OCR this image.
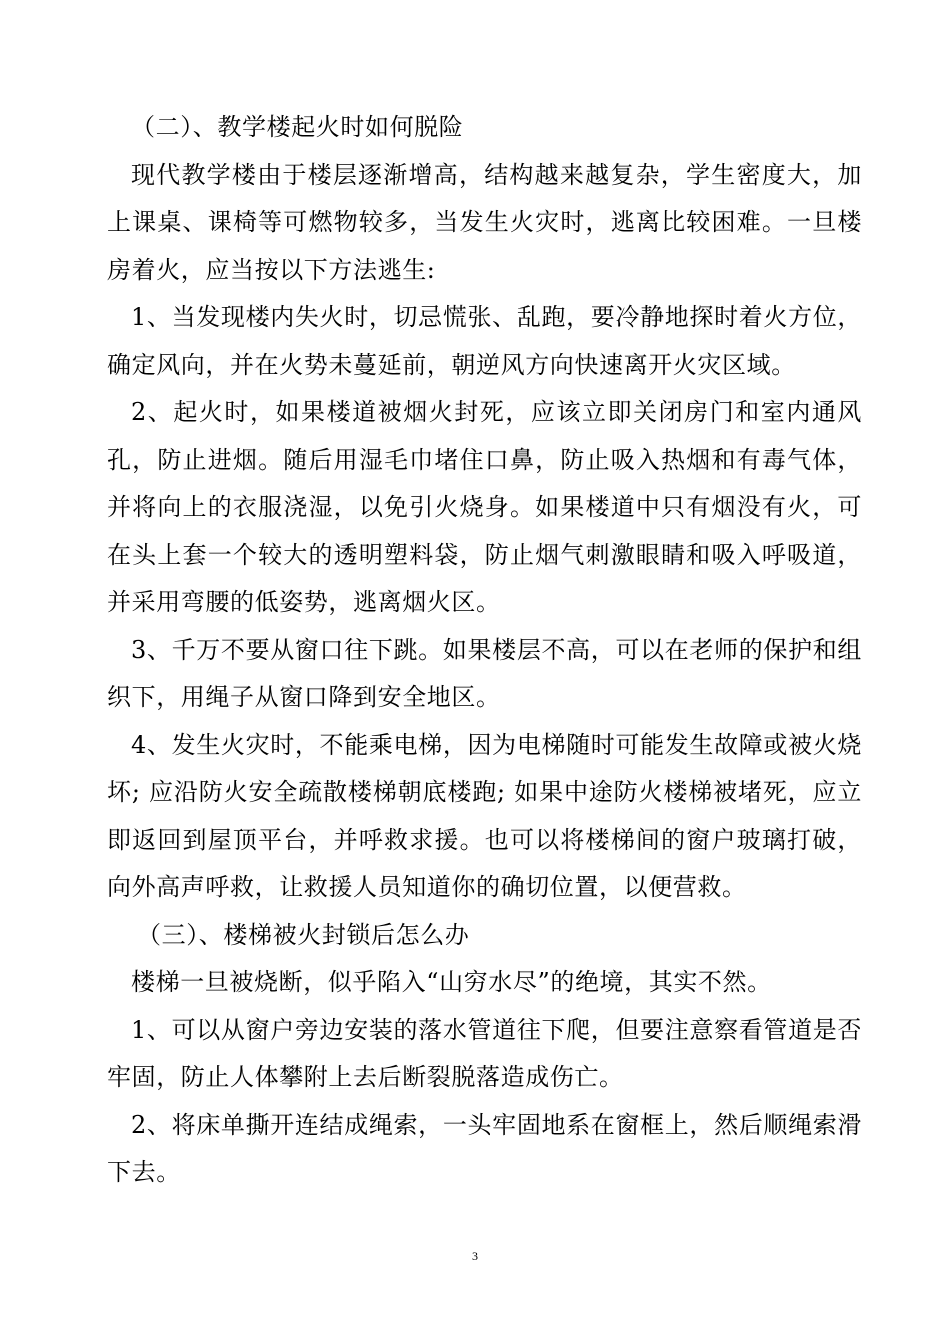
（二）、教学楼起火时如何脱险

现代教学楼由于楼层逐渐增高，结构越来越复杂，学生密度大，加上课桌、课椅等可燃物较多，当发生火灾时，逃离比较困难。一旦楼房着火，应当按以下方法逃生:

1、当发现楼内失火时，切忌慌张、乱跑，要冷静地探时着火方位，确定风向，并在火势未蔓延前，朝逆风方向快速离开火灾区域。

2、起火时，如果楼道被烟火封死，应该立即关闭房门和室内通风孔，防止进烟。随后用湿毛巾堵住口鼻，防止吸入热烟和有毒气体，并将向上的衣服浇湿，以免引火烧身。如果楼道中只有烟没有火，可在头上套一个较大的透明塑料袋，防止烟气刺激眼睛和吸入呼吸道，并采用弯腰的低姿势，逃离烟火区。

3、千万不要从窗口往下跳。如果楼层不高，可以在老师的保护和组织下，用绳子从窗口降到安全地区。

4、发生火灾时，不能乘电梯，因为电梯随时可能发生故障或被火烧坏; 应沿防火安全疏散楼梯朝底楼跑; 如果中途防火楼梯被堵死，应立即返回到屋顶平台，并呼救求援。也可以将楼梯间的窗户玻璃打破，向外高声呼救，让救援人员知道你的确切位置，以便营救。

（三）、楼梯被火封锁后怎么办

楼梯一旦被烧断，似乎陷入“山穷水尽”的绝境，其实不然。

1、可以从窗户旁边安装的落水管道往下爬，但要注意察看管道是否牢固，防止人体攀附上去后断裂脱落造成伤亡。

2、将床单撕开连结成绳索，一头牢固地系在窗框上，然后顺绳索滑下去。

3
